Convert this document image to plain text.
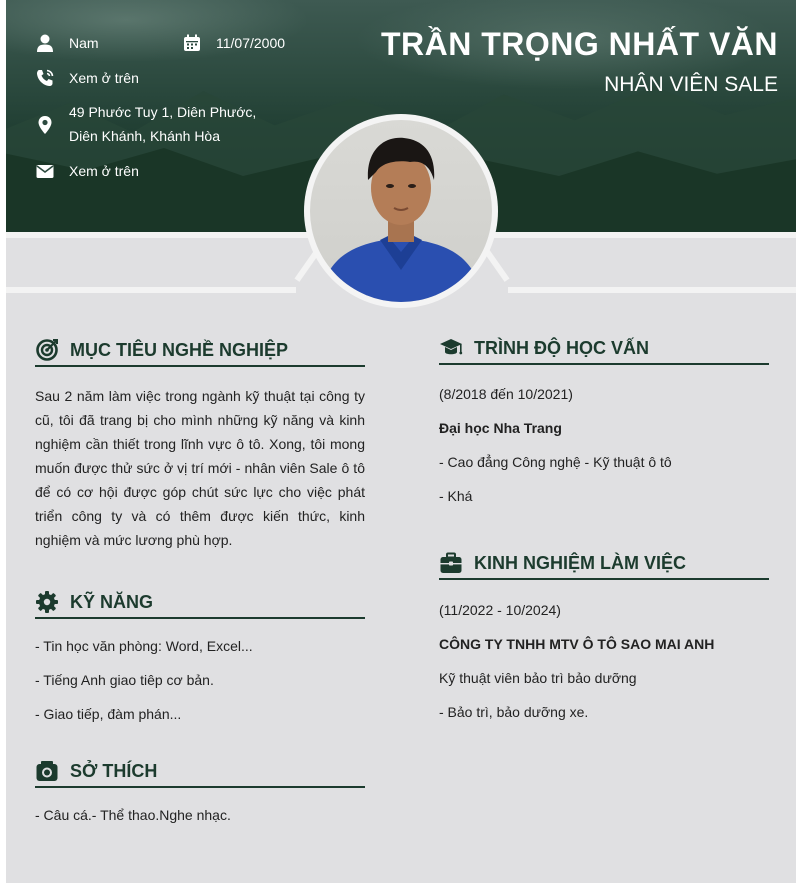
Nam	11/07/2000
Xem ở trên
49 Phước Tuy 1, Diên Phước, Diên Khánh, Khánh Hòa
Xem ở trên
TRẦN TRỌNG NHẤT VĂN
NHÂN VIÊN SALE
MỤC TIÊU NGHỀ NGHIỆP
Sau 2 năm làm việc trong ngành kỹ thuật tại công ty cũ, tôi đã trang bị cho mình những kỹ năng và kinh nghiệm cần thiết trong lĩnh vực ô tô. Xong, tôi mong muốn được thử sức ở vị trí mới - nhân viên Sale ô tô để có cơ hội được góp chút sức lực cho việc phát triển công ty và có thêm được kiến thức, kinh nghiệm và mức lương phù hợp.
KỸ NĂNG
- Tin học văn phòng: Word, Excel...
- Tiếng Anh giao tiêp cơ bản.
- Giao tiếp, đàm phán...
SỞ THÍCH
- Câu cá.- Thể thao.Nghe nhạc.
TRÌNH ĐỘ HỌC VẤN
(8/2018 đến 10/2021)
Đại học Nha Trang
- Cao đẳng Công nghệ - Kỹ thuật ô tô
- Khá
KINH NGHIỆM LÀM VIỆC
(11/2022 - 10/2024)
CÔNG TY TNHH MTV Ô TÔ SAO MAI ANH
Kỹ thuật viên bảo trì bảo dưỡng
- Bảo trì, bảo dưỡng xe.
